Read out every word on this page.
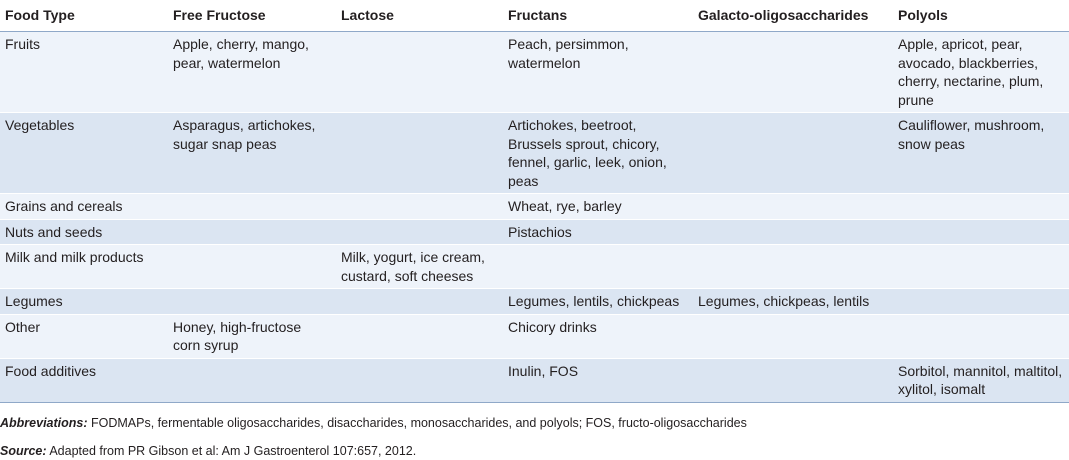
Food Type	Free Fructose	Lactose	Fructans	Galacto-oligosaccharides	Polyols
Fruits	Apple, cherry, mango, pear, watermelon		Peach, persimmon, watermelon		Apple, apricot, pear, avocado, blackberries, cherry, nectarine, plum, prune
Vegetables	Asparagus, artichokes, sugar snap peas		Artichokes, beetroot, Brussels sprout, chicory, fennel, garlic, leek, onion, peas		Cauliflower, mushroom, snow peas
Grains and cereals			Wheat, rye, barley		
Nuts and seeds			Pistachios		
Milk and milk products		Milk, yogurt, ice cream, custard, soft cheeses			
Legumes			Legumes, lentils, chickpeas	Legumes, chickpeas, lentils	
Other	Honey, high-fructose corn syrup		Chicory drinks		
Food additives			Inulin, FOS		Sorbitol, mannitol, maltitol, xylitol, isomalt
Abbreviations: FODMAPs, fermentable oligosaccharides, disaccharides, monosaccharides, and polyols; FOS, fructo-oligosaccharides
Source: Adapted from PR Gibson et al: Am J Gastroenterol 107:657, 2012.
